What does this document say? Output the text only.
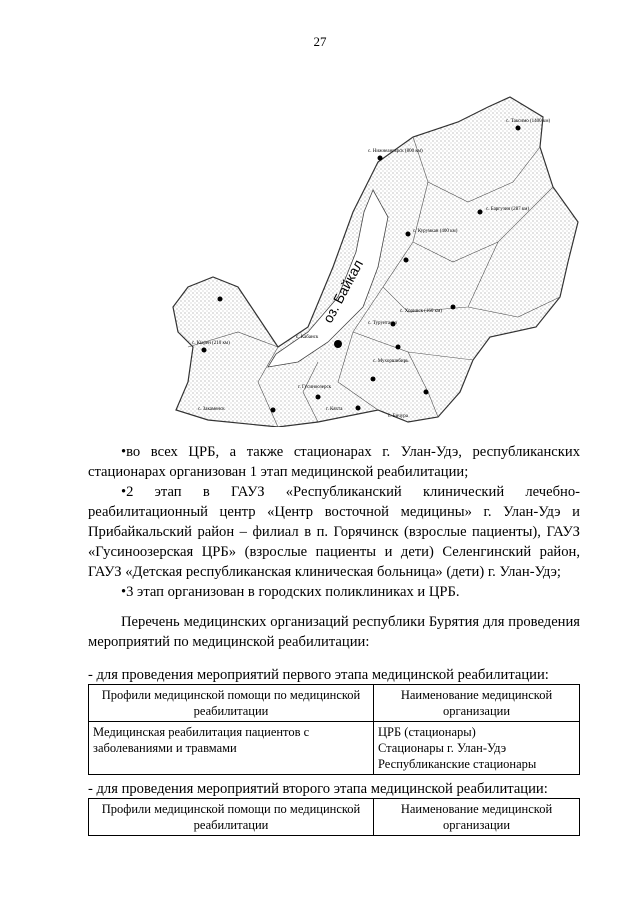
27
с. Таксимо (1400 км)
с. Нижнеангарск (800 км)
с. Баргузин (287 км)
с. Курумкан (400 км)
с. Турунтаево
с. Кабанск
с. Хоринск (160 км)
с. Кырен (210 км)
с. Мухоршибирь
с. Закаменск	г. Кяхта
г. Гусиноозерск
с. Бичура
оз. Байкал

•во всех ЦРБ, а также стационарах г. Улан-Удэ, республиканских стационарах организован 1 этап медицинской реабилитации;

•2 этап в ГАУЗ «Республиканский клинический лечебно-реабилитационный центр «Центр восточной медицины» г. Улан-Удэ и Прибайкальский район – филиал в п. Горячинск (взрослые пациенты), ГАУЗ «Гусиноозерская ЦРБ» (взрослые пациенты и дети) Селенгинский район, ГАУЗ «Детская республиканская клиническая больница» (дети) г. Улан-Удэ;

•3 этап организован в городских поликлиниках и ЦРБ.

Перечень медицинских организаций республики Бурятия для проведения мероприятий по медицинской реабилитации:
- для проведения мероприятий первого этапа медицинской реабилитации:
Профили медицинской помощи по медицинской реабилитации	Наименование медицинской организации
Медицинская реабилитация пациентов с заболеваниями и травмами	ЦРБ (стационары)
Стационары г. Улан-Удэ
Республиканские стационары
- для проведения мероприятий второго этапа медицинской реабилитации:
Профили медицинской помощи по медицинской реабилитации	Наименование медицинской организации
